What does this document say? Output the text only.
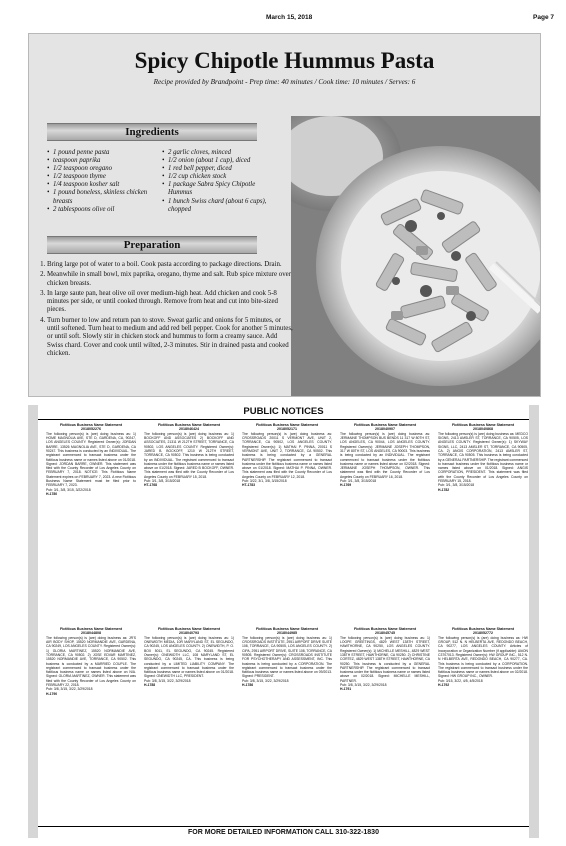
March 15, 2018	Page 7
Spicy Chipotle Hummus Pasta
Recipe provided by Brandpoint - Prep time: 40 minutes / Cook time: 10 minutes / Serves: 6
Ingredients
• 1 pound penne pasta
• teaspoon paprika
• 1/2 teaspoon oregano
• 1/2 teaspoon thyme
• 1/4 teaspoon kosher salt
• 1 pound boneless, skinless chicken breasts
• 2 tablespoons olive oil
• 2 garlic cloves, minced
• 1/2 onion (about 1 cup), diced
• 1 red bell pepper, diced
• 1/2 cup chicken stock
• 1 package Sabra Spicy Chipotle Hummus
• 1 bunch Swiss chard (about 6 cups), chopped
Preparation
1. Bring large pot of water to a boil. Cook pasta according to package directions. Drain.
2. Meanwhile in small bowl, mix paprika, oregano, thyme and salt. Rub spice mixture over chicken breasts.
3. In large saute pan, heat olive oil over medium-high heat. Add chicken and cook 5-8 minutes per side, or until cooked through. Remove from heat and cut into bite-sized pieces.
4. Turn burner to low and return pan to stove. Sweat garlic and onions for 5 minutes, or until softened. Turn heat to medium and add red bell pepper. Cook for another 5 minutes, or until soft. Slowly stir in chicken stock and hummus to form a creamy sauce. Add Swiss chard. Cover and cook until wilted, 2-3 minutes. Stir in drained pasta and cooked chicken.
PUBLIC NOTICES
Fictitious Business Name Statement
2018052276
The following person(s) is (are) doing business as: 1) HOME MAGNOLIA AVE, STE D, GARDENA, CA, 90247, LOS ANGELES COUNTY. Registered Owner(s): JORDAN BARRE, 13526 MAGNOLIA AVE, STE D, GARDENA, CA 90247. This business is conducted by an INDIVIDUAL. The registrant commenced to transact business under the fictitious business name or names listed above on 01/2018. Signed: JORDAN BARRE, OWNER. This statement was filed with the County Recorder of Los Angeles County on FEBRUARY 7, 2018. NOTICE: This Fictitious Name Statement expires on FEBRUARY 7, 2023. A new Fictitious Business Name Statement must be filed prior to FEBRUARY 7, 2023.
Pub: 3/1, 3/8, 3/15, 3/22/2018
H-1780
Fictitious Business Name Statement
2018046424
The following person(s) is (are) doing business as: 1) BOCKOFF AND ASSOCIATES 2) BOCKOFF AND ASSOCIATES, 21311 W 212TH STREET, TORRANCE, CA 90502, LOS ANGELES COUNTY. Registered Owner(s): JARED B. BOCKOFF, 1210 W 212TH STREET, TORRANCE, CA 90502. This business is being conducted by an INDIVIDUAL. The registrant commenced to transact business under the fictitious business name or names listed above on 01/2018. Signed: JARED B BOCKOFF, OWNER. This statement was filed with the County Recorder of Los Angeles County on FEBRUARY 15, 2018.
Pub: 3/1, 3/8, 3/15/2018
HT-1768
Fictitious Business Name Statement
2018052171
The following person(s) is (are) doing business as: CROSSROADS 20011 S VERMONT AVE, UNIT 2, TORRANCE, CA 90502, LOS ANGELES COUNTY. Registered Owner(s): 1) MATHAI P. PINNA, 20011 S VERMONT AVE, UNIT 2, TORRANCE, CA 90502. This business is being conducted by a GENERAL PARTNERSHIP. The registrant commenced to transact business under the fictitious business name or names listed above on 01/2018. Signed: MATHAI P. PINNA, OWNER. This statement was filed with the County Recorder of Los Angeles County on FEBRUARY 12, 2018.
Pub: 3/22, 3/1, 3/8, 3/15/2018
HT-1783
Fictitious Business Name Statement
2018040907
The following person(s) is (are) doing business as: JERMAINE THOMPSON BUS BENDS 11 317 W 80TH ST, LOS ANGELES, CA 90044, LOS ANGELES COUNTY. Registered Owner(s): JERMAINE JOSEPH THOMPSON, 317 W 80TH ST, LOS ANGELES, CA 90003. This business is being conducted by an INDIVIDUAL. The registrant commenced to transact business under the fictitious business name or names listed above on 02/2018. Signed: JERMAINE JOSEPH THOMPSON, OWNER. This statement was filed with the County Recorder of Los Angeles County on FEBRUARY 16, 2018.
Pub: 3/1, 3/8, 3/15/2018
H-1769
Fictitious Business Name Statement
2018040868
The following person(s) is (are) doing business as: MEDCO SIGNS, 2413 AMSLER ST, TORRANCE, CA 90505, LOS ANGELES COUNTY. Registered Owner(s): 1) SKYWAY SIGNS, LLC, 2413 AMSLER ST, TORRANCE, CA 90505, CA. 2) ANGIS CORPORATION, 2413 AMSLER ST, TORRANCE, CA 90505. This business is being conducted by a GENERAL PARTNERSHIP. The registrant commenced to transact business under the fictitious business name or names listed above on 01/2018. Signed: ANGIS CORPORATION, PRESIDENT. This statement was filed with the County Recorder of Los Angeles County on FEBRUARY 15, 2018.
Pub: 3/1, 3/8, 3/15/2018
H-1782
Fictitious Business Name Statement
2018044808
The following person(s) is (are) doing business as: JR'S AIR BODY SHOP, 15520 NORMANDIE AVE, GARDENA, CA 90249, LOS ANGELES COUNTY. Registered Owner(s): 1) GLORIA MARTINEZ, 15520 NORMANDIE AVE, TORRANCE, CA 90502. 2) JOSE EDVAR MARTINEZ, 15520 NORMANDIE AVE, TORRANCE, CA 90502. This business is conducted by a MARRIED COUPLE. The registrant commenced to transact business under the fictitious business name or names listed above on N/A. Signed: GLORIA MARTINEZ, OWNER. This statement was filed with the County Recorder of Los Angeles County on FEBRUARY 22, 2018.
Pub: 3/8, 3/15, 3/22, 3/29/2018
H-1790
Fictitious Business Name Statement
2018040793
The following person(s) is (are) doing business as: 1) ONEWIDTH MEDIA, 10R MARYLAND ST, EL SEGUNDO, CA 90245, LOS ANGELES COUNTY. 2) ONEWIDTH, P. O. BOX 5011, EL SEGUNDO, CA 90245. Registered Owner(s): ONEWIDTH LLC, 108 MARYLAND ST, EL SEGUNDO, CA 90245, CA. This business is being conducted by a LIMITED LIABILITY COMPANY. The registrant commenced to transact business under the fictitious business name or names listed above on 01/2018. Signed: ONEWIDTH LLC, PRESIDENT.
Pub: 3/8, 3/15, 3/22, 3/29/2018
H-1788
Fictitious Business Name Statement
2018044985
The following person(s) is (are) doing business as: 1) CROSSROADS INSTITUTE, 2951 AIRPORT DRIVE SUITE 108, TORRANCE, CA 90505, LOS ANGELES COUNTY. 2) CIPA, 2951 AIRPORT DRIVE, SUITE 108, TORRANCE, CA 90505. Registered Owner(s): CROSSROADS INSTITUTE FOR PSYCHOTHERAPY AND ASSESSMENT, INC. This business is being conducted by a CORPORATION. The registrant commenced to transact business under the fictitious business name or names listed above on 09/2013. Signed: PRESIDENT.
Pub: 3/8, 3/15, 3/22, 3/29/2018
H-1786
Fictitious Business Name Statement
2018045745
The following person(s) is (are) doing business as: 1) LOOPE GREETINGS, 4829 WEST 138TH STREET, HAWTHORNE, CA 90250, LOS ANGELES COUNTY. Registered Owner(s): 1) MICHELLE MESHILL, 4829 WEST 138TH STREET, HAWTHORNE, CA 90250. 2) CHRISTINE CORTEZ, 4829 WEST 138TH STREET, HAWTHORNE, CA 90250. This business is conducted by a GENERAL PARTNERSHIP. The registrant commenced to transact business under the fictitious business name or names listed above on 02/2018. Signed: MICHELLE MESHILL, PARTNER.
Pub: 3/8, 3/15, 3/22, 3/29/2018
H-1791
Fictitious Business Name Statement
2018052772
The following person(s) is (are) doing business as: HW GROUP, 512 N. N HELBERTA AVE, REDONDO BEACH, CA 90277, LOS ANGELES COUNTY. Articles of Incorporation or Organization Number (if applicable): AI#ON C3707013. Registered Owner(s): HW GROUP INC., 512 N. N HELBERTA AVE, REDONDO BEACH, CA 90277, CA. This business is being conducted by a CORPORATION. The registrant commenced to transact business under the fictitious business name or names listed above on 02/2018. Signed: HW GROUP INC., OWNER.
Pub: 3/15, 3/22, 4/5, 4/5/2018
H-1792
FOR MORE DETAILED INFORMATION CALL 310-322-1830
